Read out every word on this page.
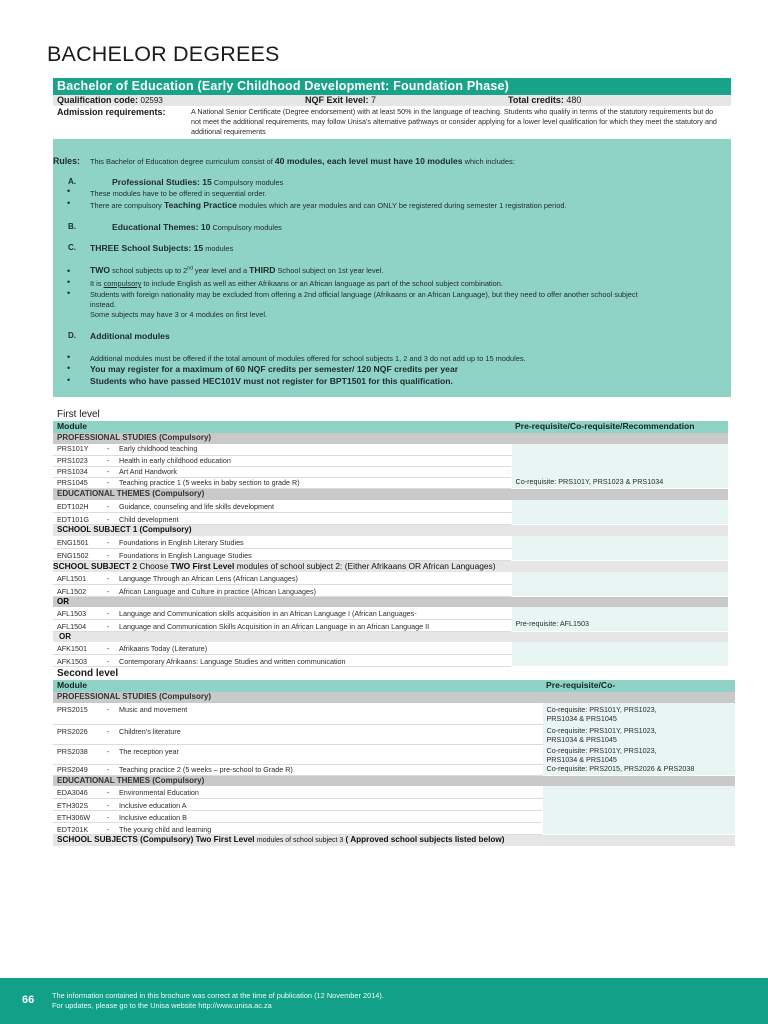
BACHELOR DEGREES
Bachelor of Education (Early Childhood Development: Foundation Phase)
Qualification code: 02593	NQF Exit level: 7	Total credits: 480
Admission requirements:	A National Senior Certificate (Degree endorsement) with at least 50% in the language of teaching. Students who qualify in terms of the statutory requirements but do not meet the additional requirements, may follow Unisa's alternative pathways or consider applying for a lower level qualification for which they meet the statutory and additional requirements
Rules: This Bachelor of Education degree curriculum consist of 40 modules, each level must have 10 modules which includes:
A.	Professional Studies: 15 Compulsory modules
•	These modules have to be offered in sequential order.
•	There are compulsory Teaching Practice modules which are year modules and can ONLY be registered during semester 1 registration period.
B.	Educational Themes: 10 Compulsory modules
C. THREE School Subjects: 15 modules
• TWO school subjects up to 2nd year level and a THIRD School subject on 1st year level.
•	It is compulsory to include English as well as either Afrikaans or an African language as part of the school subject combination.
•	Students with foreign nationality may be excluded from offering a 2nd official language (Afrikaans or an African Language), but they need to offer another school subject
instead.
Some subjects may have 3 or 4 modules on first level.
D. Additional modules
•	Additional modules must be offered if the total amount of modules offered for school subjects 1, 2 and 3 do not add up to 15 modules.
• You may register for a maximum of 60 NQF credits per semester/ 120 NQF credits per year
• Students who have passed HEC101V must not register for BPT1501 for this qualification.
First level
Module	Pre-requisite/Co-requisite/Recommendation
PROFESSIONAL STUDIES (Compulsory)	
PRS101Y - Early childhood teaching	Co-requisite: PRS101Y, PRS1023 & PRS1034
PRS1023 - Health in early childhood education	
PRS1034 - Art And Handwork	
PRS1045 - Teaching practice 1 (5 weeks in baby section to grade R)	
EDUCATIONAL THEMES (Compulsory)	
EDT102H - Guidance, counseling and life skills development	
EDT101G - Child development	
SCHOOL SUBJECT 1 (Compulsory)	
ENG1501 - Foundations in English Literary Studies	
ENG1502 - Foundations in English Language Studies	
SCHOOL SUBJECT 2 Choose TWO First Level modules of school subject 2: (Either Afrikaans OR African Languages)	
AFL1501 - Language Through an African Lens (African Languages)	
AFL1502 - African Language and Culture in practice (African Languages)	
OR	
AFL1503 - Language and Communication skills acquisition in an African Language I (African Languages-	Pre-requisite: AFL1503
AFL1504 - Language and Communication Skills Acquisition in an African Language in an African Language II	
OR	
AFK1501 - Afrikaans Today (Literature)	
AFK1503 - Contemporary Afrikaans: Language Studies and written communication	
Second level
Module	Pre-requisite/Co-
PROFESSIONAL STUDIES (Compulsory)	
PRS2015 - Music and movement	Co-requisite: PRS101Y, PRS1023,
PRS1034 & PRS1045
PRS2026 - Children’s literature	Co-requisite: PRS101Y, PRS1023,
PRS1034 & PRS1045
PRS2038 - The reception year	Co-requisite: PRS101Y, PRS1023,
PRS1034 & PRS1045
PRS2049 - Teaching practice 2 (5 weeks – pre-school to Grade R)	Co-requisite: PRS2015, PRS2026 & PRS2038
EDUCATIONAL THEMES (Compulsory)	
EDA3046 - Environmental Education	
ETH302S - Inclusive education A	
ETH306W - Inclusive education B	
EDT201K - The young child and learning	
SCHOOL SUBJECTS (Compulsory) Two First Level modules of school subject 3 ( Approved school subjects listed below)	
66 The information contained in this brochure was correct at the time of publication (12 November 2014).
For updates, please go to the Unisa website http://www.unisa.ac.za
